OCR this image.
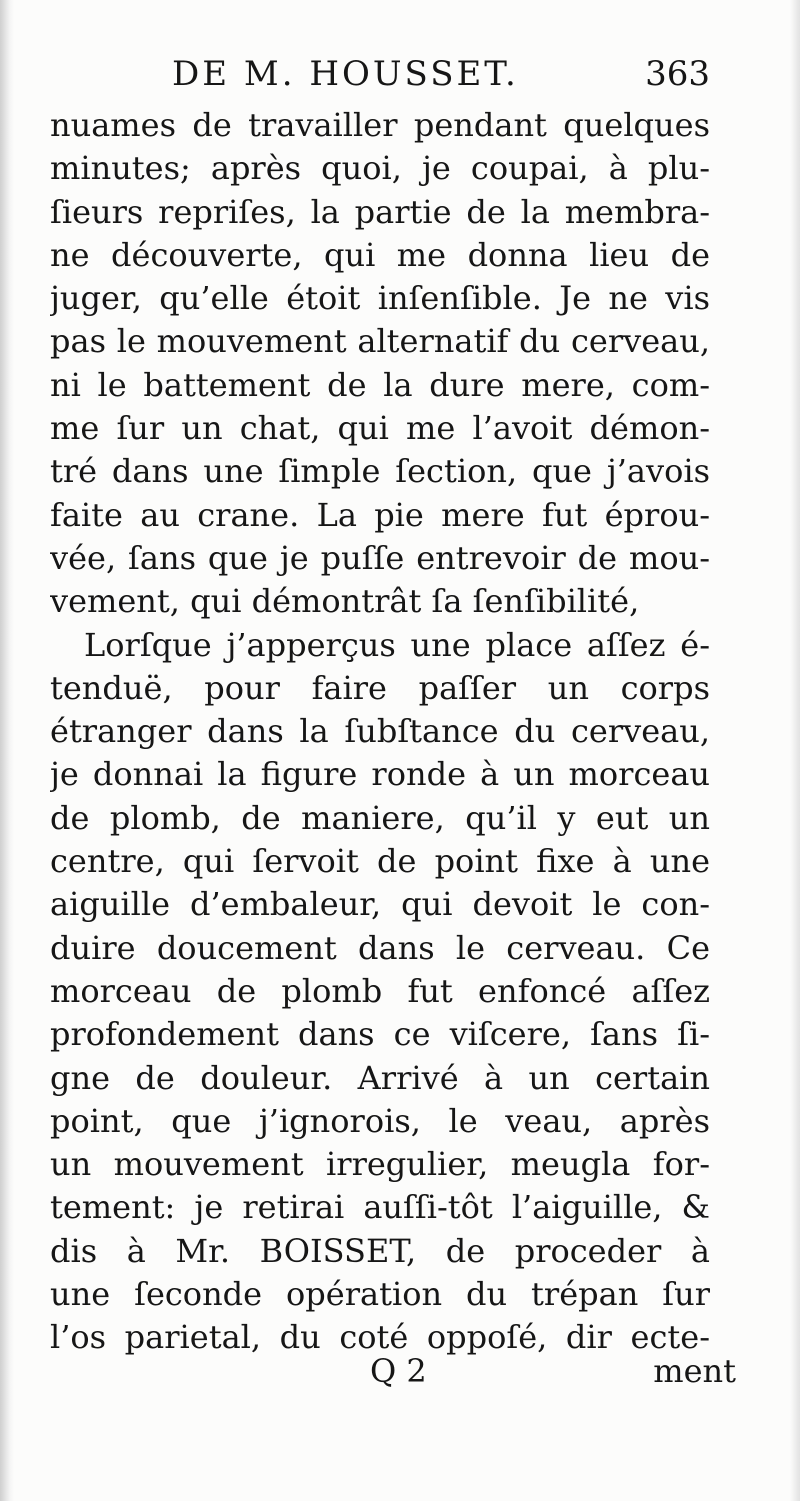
DE M. HOUSSET.	363
nuames de travailler pendant quelques
minutes; après quoi, je coupai, à plu-
ſieurs repriſes, la partie de la membra-
ne découverte, qui me donna lieu de
juger, qu’elle étoit inſenſible. Je ne vis
pas le mouvement alternatif du cerveau,
ni le battement de la dure mere, com-
me ſur un chat, qui me l’avoit démon-
tré dans une ſimple ſection, que j’avois
faite au crane. La pie mere fut éprou-
vée, ſans que je puſſe entrevoir de mou-
vement, qui démontrât ſa ſenſibilité,
Lorſque j’apperçus une place aſſez é-
tenduë, pour faire paſſer un corps
étranger dans la ſubſtance du cerveau,
je donnai la figure ronde à un morceau
de plomb, de maniere, qu’il y eut un
centre, qui ſervoit de point fixe à une
aiguille d’embaleur, qui devoit le con-
duire doucement dans le cerveau. Ce
morceau de plomb fut enfoncé aſſez
profondement dans ce viſcere, ſans ſi-
gne de douleur. Arrivé à un certain
point, que j’ignorois, le veau, après
un mouvement irregulier, meugla for-
tement: je retirai auſſi-tôt l’aiguille, &
dis à Mr. BOISSET, de proceder à
une ſeconde opération du trépan ſur
l’os parietal, du coté oppoſé, dir ecte-
Q 2	ment
